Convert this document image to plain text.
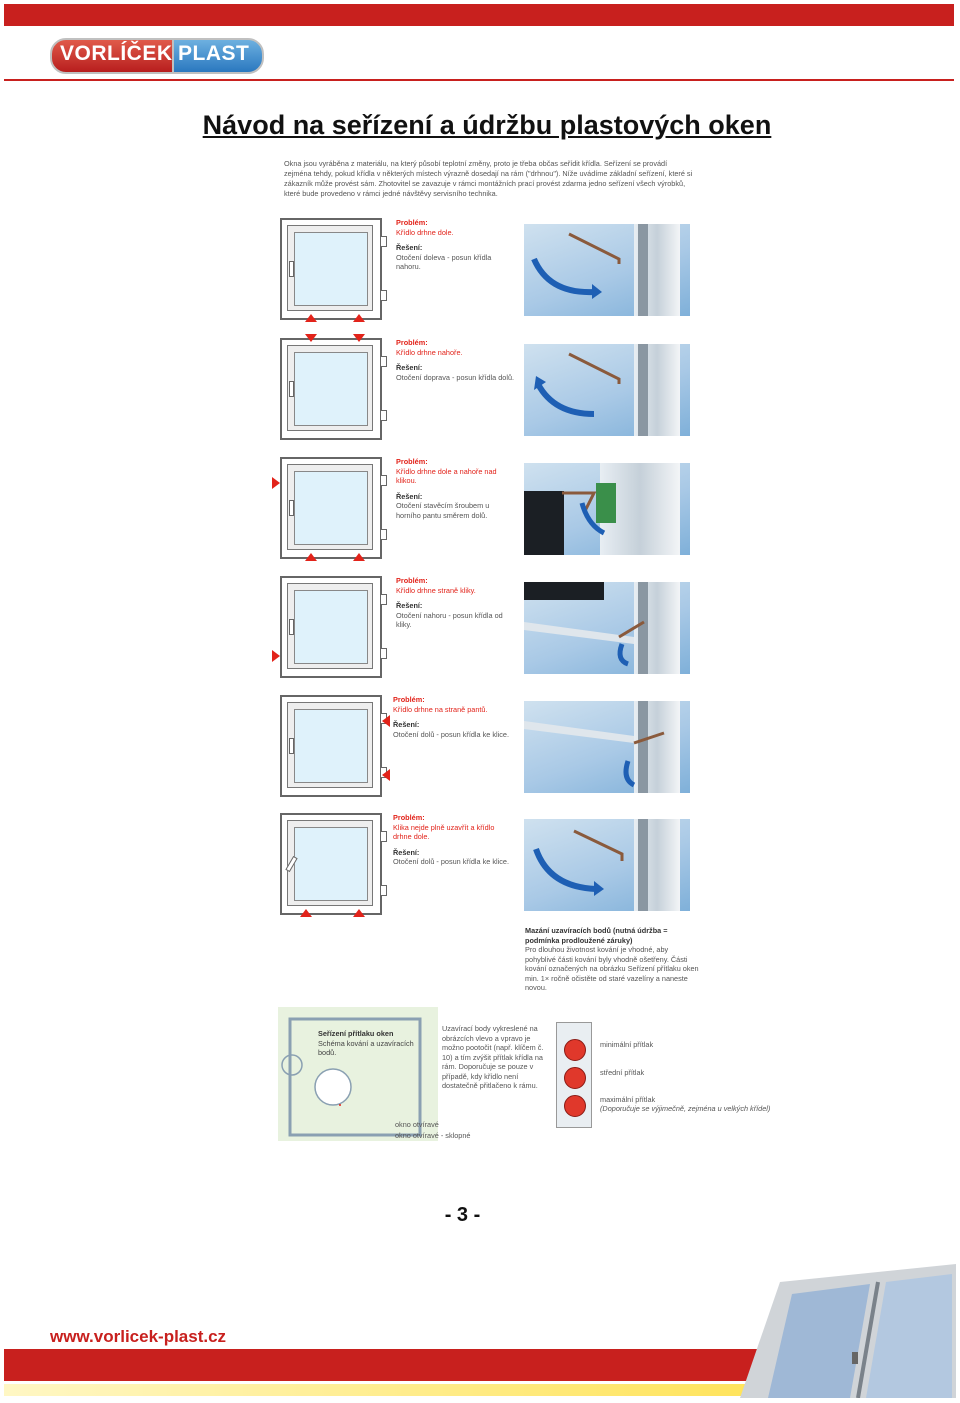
VORLÍČEK PLAST
Návod na seřízení a údržbu plastových oken
Okna jsou vyráběna z materiálu, na který působí teplotní změny, proto je třeba občas seřídit křídla. Seřízení se provádí zejména tehdy, pokud křídla v některých místech výrazně dosedají na rám ("drhnou"). Níže uvádíme základní seřízení, které si zákazník může provést sám. Zhotovitel se zavazuje v rámci montážních prací provést zdarma jedno seřízení všech výrobků, které bude provedeno v rámci jedné návštěvy servisního technika.
Problém:
Křídlo drhne dole.
Řešení:
Otočení doleva - posun křídla nahoru.
Problém:
Křídlo drhne nahoře.
Řešení:
Otočení doprava - posun křídla dolů.
Problém:
Křídlo drhne dole a nahoře nad klikou.
Řešení:
Otočení stavěcím šroubem u horního pantu směrem dolů.
Problém:
Křídlo drhne straně kliky.
Řešení:
Otočení nahoru - posun křídla od kliky.
Problém:
Křídlo drhne na straně pantů.
Řešení:
Otočení dolů - posun křídla ke klice.
Problém:
Klika nejde plně uzavřít a křídlo drhne dole.
Řešení:
Otočení dolů - posun křídla ke klice.
Mazání uzavíracích bodů (nutná údržba = podmínka prodloužené záruky)
Pro dlouhou životnost kování je vhodné, aby pohyblivé části kování byly vhodně ošetřeny. Části kování označených na obrázku Seřízení přítlaku oken min. 1× ročně očistěte od staré vazelíny a naneste novou.
Seřízení přítlaku oken
Schéma kování a uzavíracích bodů.
okno otvíravé
okno otvíravé - sklopné
Uzavírací body vykreslené na obrázcích vlevo a vpravo je možno pootočit (např. klíčem č. 10) a tím zvýšit přítlak křídla na rám. Doporučuje se pouze v případě, kdy křídlo není dostatečně přitlačeno k rámu.
minimální přítlak
střední přítlak
maximální přítlak
(Doporučuje se výjimečně, zejména u velkých křídel)
- 3 -
www.vorlicek-plast.cz
